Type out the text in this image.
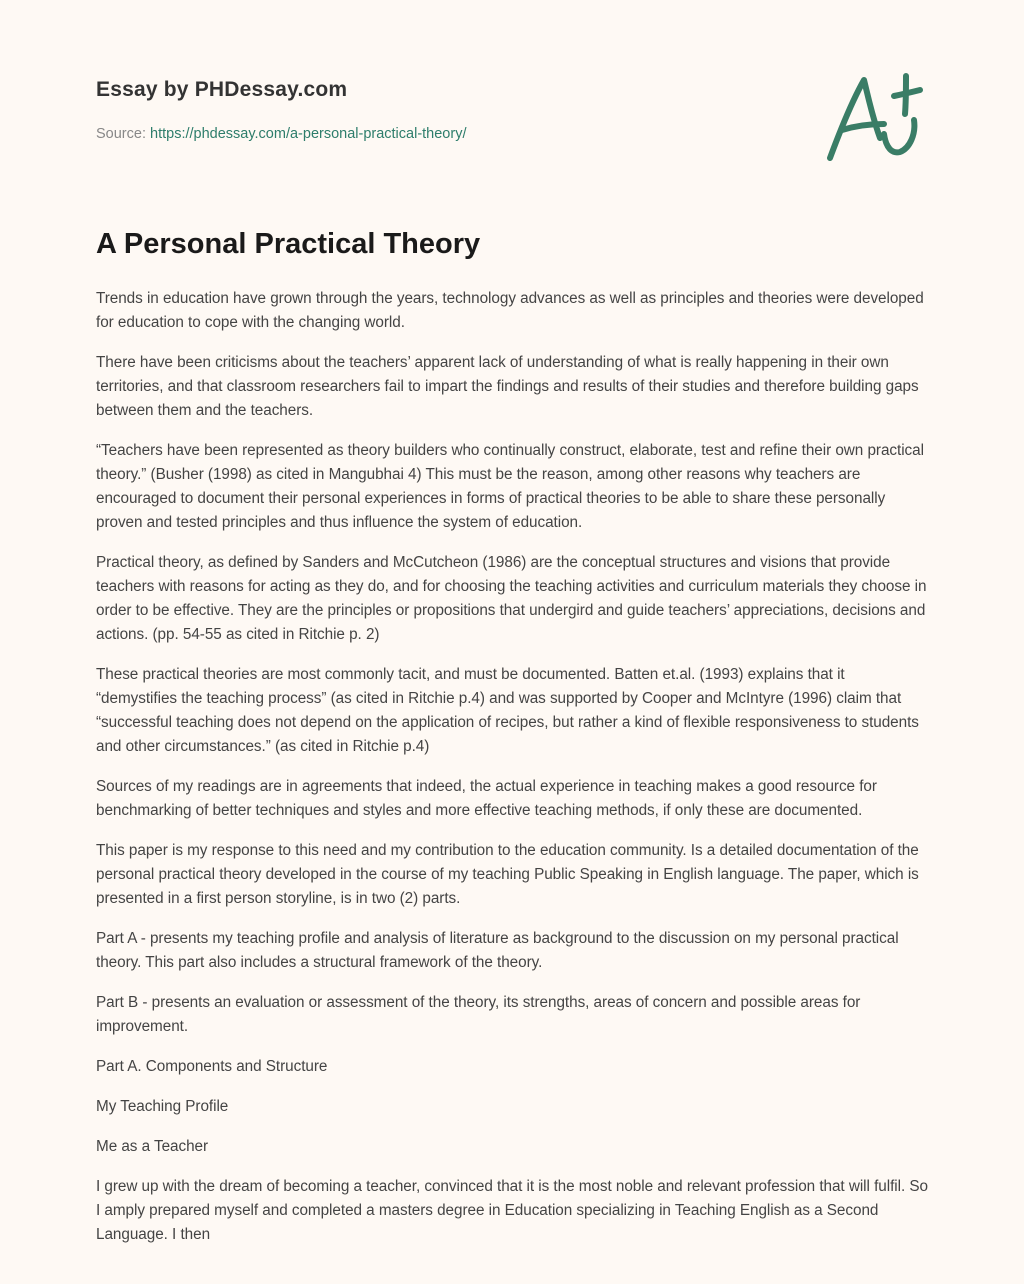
Essay by PHDessay.com
Source: https://phdessay.com/a-personal-practical-theory/
A Personal Practical Theory

Trends in education have grown through the years, technology advances as well as principles and theories were developed for education to cope with the changing world.

There have been criticisms about the teachers’ apparent lack of understanding of what is really happening in their own territories, and that classroom researchers fail to impart the findings and results of their studies and therefore building gaps between them and the teachers.

“Teachers have been represented as theory builders who continually construct, elaborate, test and refine their own practical theory.” (Busher (1998) as cited in Mangubhai 4) This must be the reason, among other reasons why teachers are encouraged to document their personal experiences in forms of practical theories to be able to share these personally proven and tested principles and thus influence the system of education.

Practical theory, as defined by Sanders and McCutcheon (1986) are the conceptual structures and visions that provide teachers with reasons for acting as they do, and for choosing the teaching activities and curriculum materials they choose in order to be effective. They are the principles or propositions that undergird and guide teachers’ appreciations, decisions and actions. (pp. 54-55 as cited in Ritchie p. 2)

These practical theories are most commonly tacit, and must be documented. Batten et.al. (1993) explains that it “demystifies the teaching process” (as cited in Ritchie p.4) and was supported by Cooper and McIntyre (1996) claim that “successful teaching does not depend on the application of recipes, but rather a kind of flexible responsiveness to students and other circumstances.” (as cited in Ritchie p.4)

Sources of my readings are in agreements that indeed, the actual experience in teaching makes a good resource for benchmarking of better techniques and styles and more effective teaching methods, if only these are documented.

This paper is my response to this need and my contribution to the education community. Is a detailed documentation of the personal practical theory developed in the course of my teaching Public Speaking in English language. The paper, which is presented in a first person storyline, is in two (2) parts.

Part A - presents my teaching profile and analysis of literature as background to the discussion on my personal practical theory. This part also includes a structural framework of the theory.

Part B - presents an evaluation or assessment of the theory, its strengths, areas of concern and possible areas for improvement.

Part A. Components and Structure

My Teaching Profile

Me as a Teacher

I grew up with the dream of becoming a teacher, convinced that it is the most noble and relevant profession that will fulfil. So I amply prepared myself and completed a masters degree in Education specializing in Teaching English as a Second Language. I then
